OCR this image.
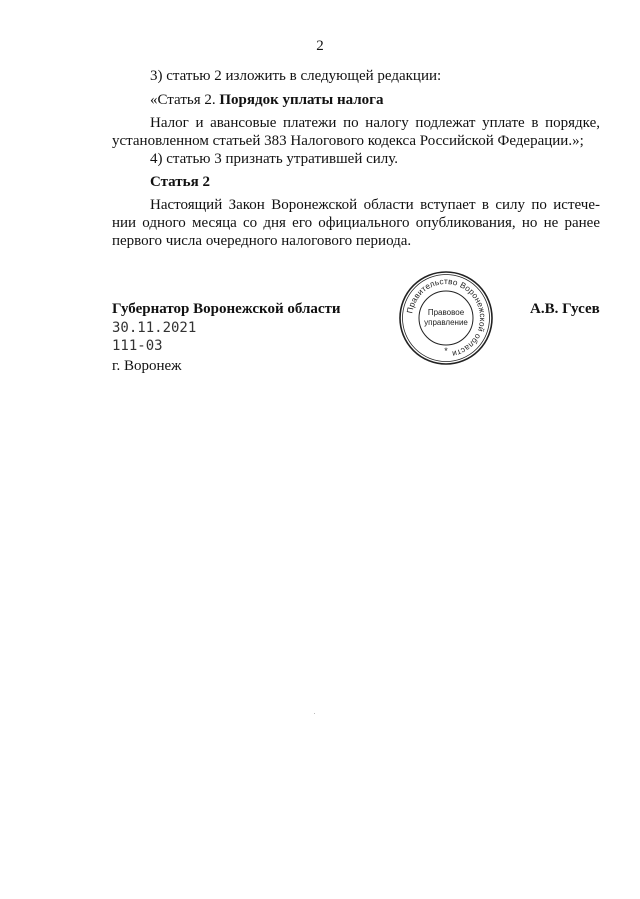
2
3) статью 2 изложить в следующей редакции:
«Статья 2. Порядок уплаты налога
Налог и авансовые платежи по налогу подлежат уплате в порядке,
установленном статьей 383 Налогового кодекса Российской Федерации.»;
4) статью 3 признать утратившей силу.
Статья 2
Настоящий Закон Воронежской области вступает в силу по истече-
нии одного месяца со дня его официального опубликования, но не ранее
первого числа очередного налогового периода.
Губернатор Воронежской области	А.В. Гусев
30.11.2021
111-03
г. Воронеж
Правительство Воронежской области
Правовое
управление
*
